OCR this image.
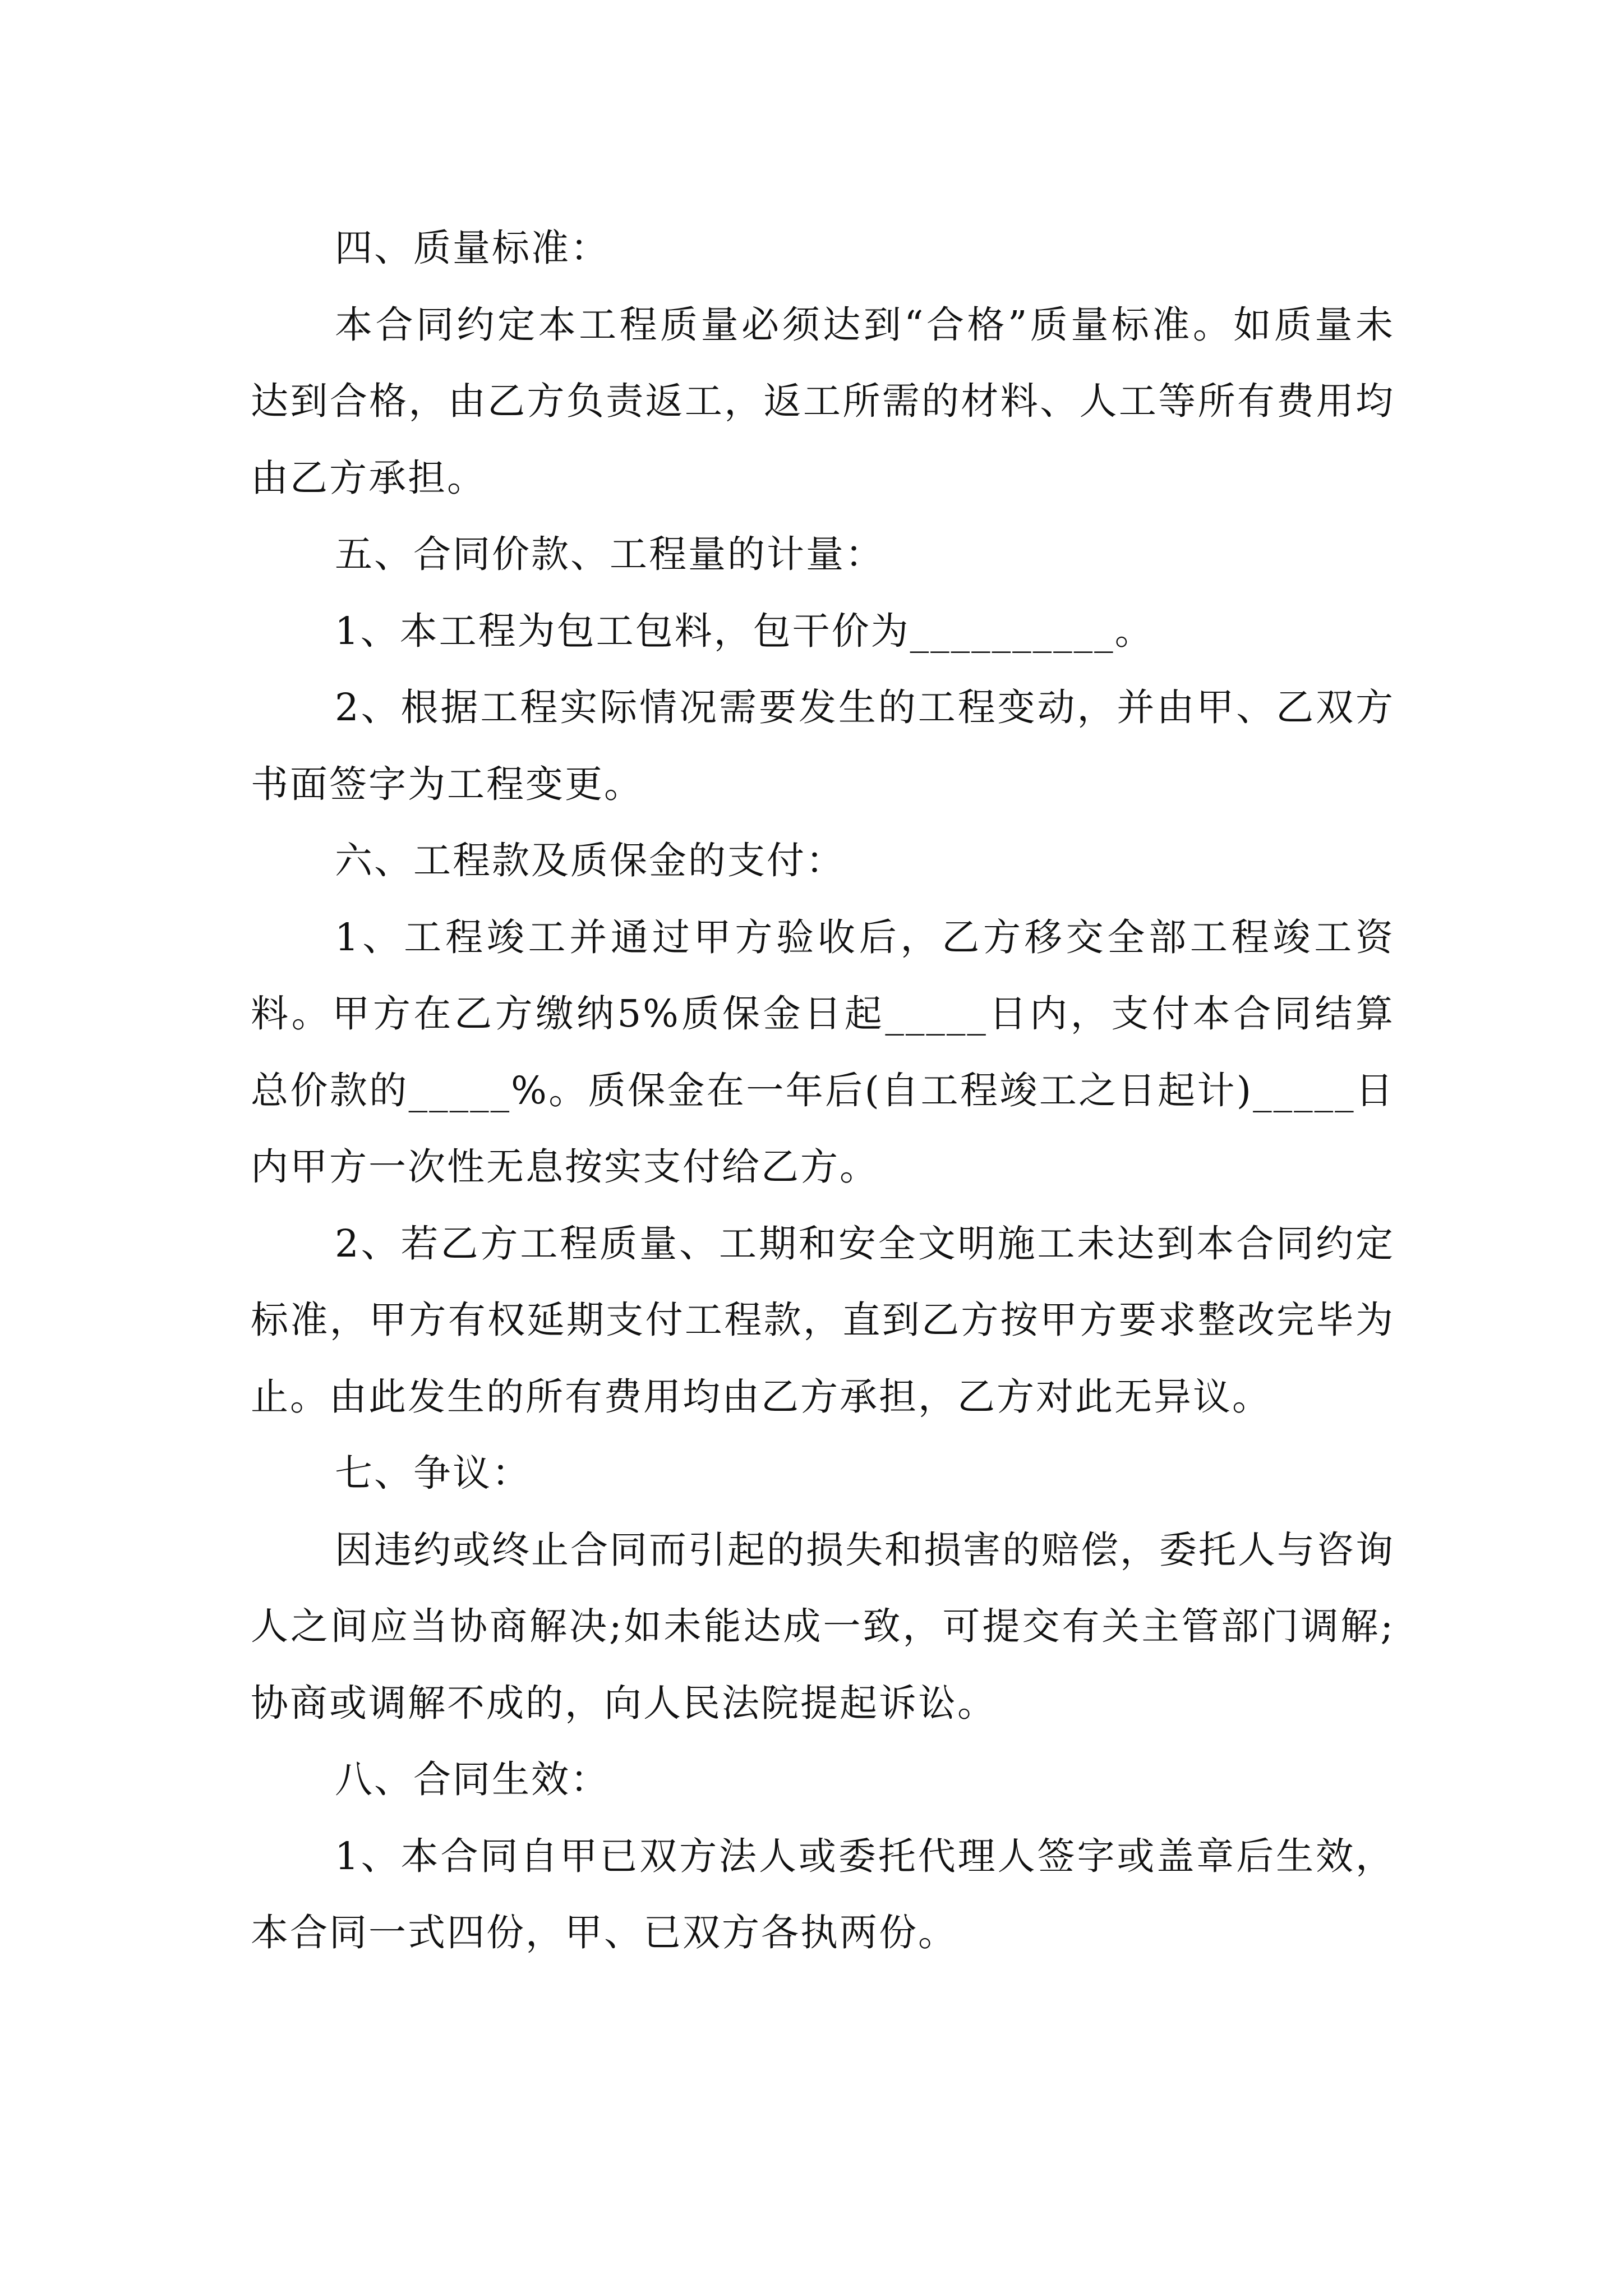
四、质量标准：

本合同约定本工程质量必须达到“合格”质量标准。如质量未达到合格，由乙方负责返工，返工所需的材料、人工等所有费用均由乙方承担。

五、合同价款、工程量的计量：

1、本工程为包工包料，包干价为__________。

2、根据工程实际情况需要发生的工程变动，并由甲、乙双方书面签字为工程变更。

六、工程款及质保金的支付：

1、工程竣工并通过甲方验收后，乙方移交全部工程竣工资料。甲方在乙方缴纳5%质保金日起_____日内，支付本合同结算总价款的_____%。质保金在一年后(自工程竣工之日起计)_____日内甲方一次性无息按实支付给乙方。

2、若乙方工程质量、工期和安全文明施工未达到本合同约定标准，甲方有权延期支付工程款，直到乙方按甲方要求整改完毕为止。由此发生的所有费用均由乙方承担，乙方对此无异议。

七、争议：

因违约或终止合同而引起的损失和损害的赔偿，委托人与咨询人之间应当协商解决;如未能达成一致，可提交有关主管部门调解;协商或调解不成的，向人民法院提起诉讼。

八、合同生效：

1、本合同自甲已双方法人或委托代理人签字或盖章后生效，本合同一式四份，甲、已双方各执两份。
